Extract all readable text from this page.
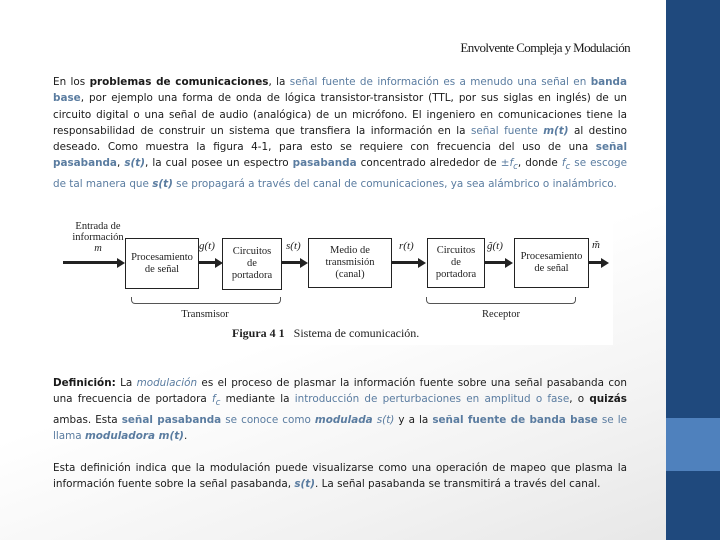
Envolvente Compleja y Modulación
En los problemas de comunicaciones, la señal fuente de información es a menudo una señal en banda base, por ejemplo una forma de onda de lógica transistor-transistor (TTL, por sus siglas en inglés) de un circuito digital o una señal de audio (analógica) de un micrófono. El ingeniero en comunicaciones tiene la responsabilidad de construir un sistema que transfiera la información en la señal fuente m(t) al destino deseado. Como muestra la figura 4-1, para esto se requiere con frecuencia del uso de una señal pasabanda, s(t), la cual posee un espectro pasabanda concentrado alrededor de $\pm f_c$, donde $f_c$ se escoge de tal manera que s(t) se propagará a través del canal de comunicaciones, ya sea alámbrico o inalámbrico.
Entrada de
información
m
Procesamiento
de señal
g(t) Circuitos
de
portadora
s(t)	Medio de
transmisión
(canal)
r(t) Circuitos
de
portadora
g̃(t)
Procesamiento
de señal
m̃
Transmisor	Receptor
Figura 4 1 Sistema de comunicación.
Definición: La modulación es el proceso de plasmar la información fuente sobre una señal pasabanda con una frecuencia de portadora $f_c$ mediante la introducción de perturbaciones en amplitud o fase, o quizás ambas. Esta señal pasabanda se conoce como modulada s(t) y a la señal fuente de banda base se le llama moduladora m(t).
Esta definición indica que la modulación puede visualizarse como una operación de mapeo que plasma la información fuente sobre la señal pasabanda, s(t). La señal pasabanda se transmitirá a través del canal.
